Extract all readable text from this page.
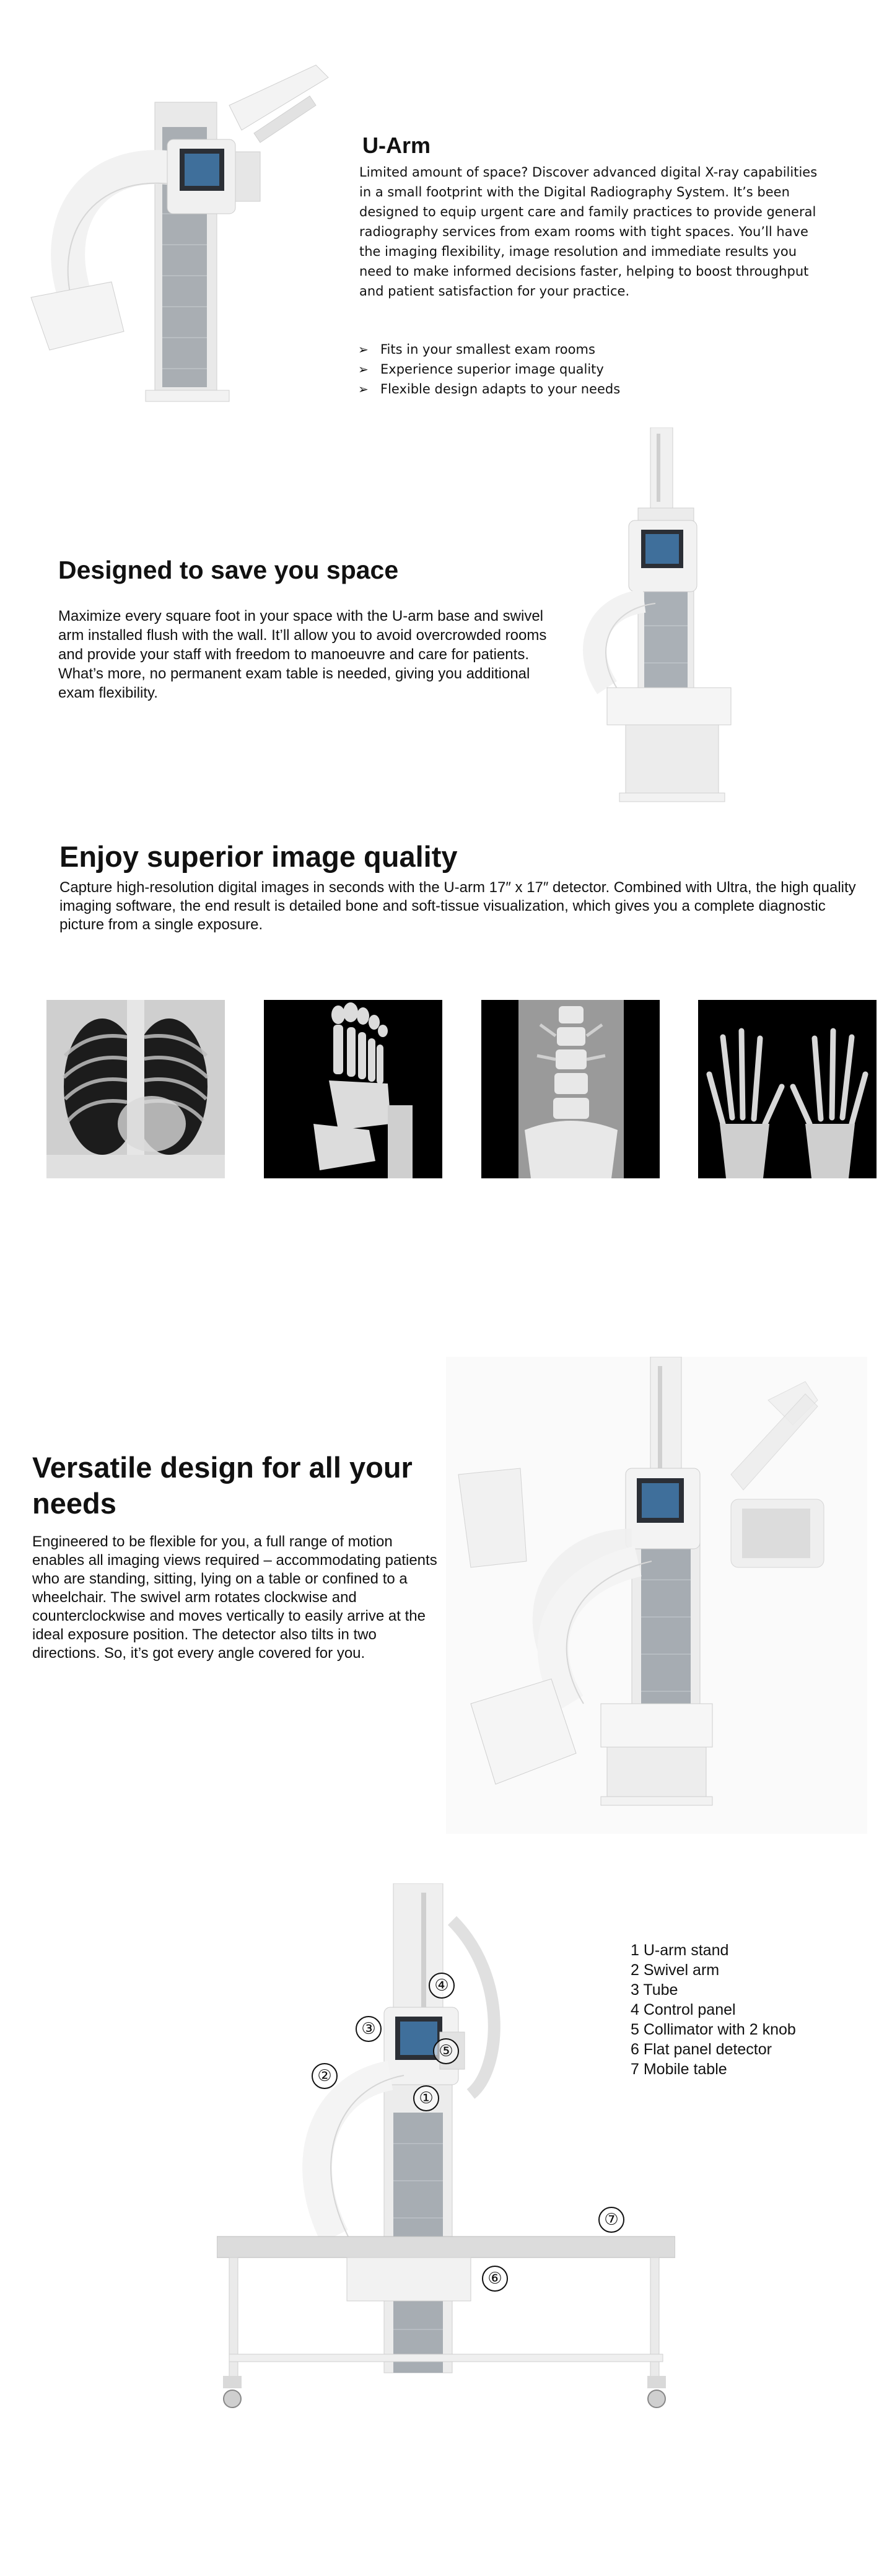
U-Arm
Limited amount of space? Discover advanced digital X-ray capabilities in a small footprint with the Digital Radiography System. It’s been designed to equip urgent care and family practices to provide general radiography services from exam rooms with tight spaces. You’ll have the imaging flexibility, image resolution and immediate results you need to make informed decisions faster, helping to boost throughput and patient satisfaction for your practice.
➢ Fits in your smallest exam rooms
➢ Experience superior image quality
➢ Flexible design adapts to your needs
Designed to save you space
Maximize every square foot in your space with the U-arm base and swivel arm installed flush with the wall. It’ll allow you to avoid overcrowded rooms and provide your staff with freedom to manoeuvre and care for patients. What’s more, no permanent exam table is needed, giving you additional exam flexibility.
Enjoy superior image quality
Capture high-resolution digital images in seconds with the U-arm 17″ x 17″ detector. Combined with Ultra, the high quality imaging software, the end result is detailed bone and soft-tissue visualization, which gives you a complete diagnostic picture from a single exposure.
Versatile design for all your needs
Engineered to be flexible for you, a full range of motion enables all imaging views required – accommodating patients who are standing, sitting, lying on a table or confined to a wheelchair. The swivel arm rotates clockwise and counterclockwise and moves vertically to easily arrive at the ideal exposure position. The detector also tilts in two directions. So, it’s got every angle covered for you.
①
②
③
④
⑤
⑥
⑦
1 U-arm stand
2 Swivel arm
3 Tube
4 Control panel
5 Collimator with 2 knob
6 Flat panel detector
7 Mobile table
